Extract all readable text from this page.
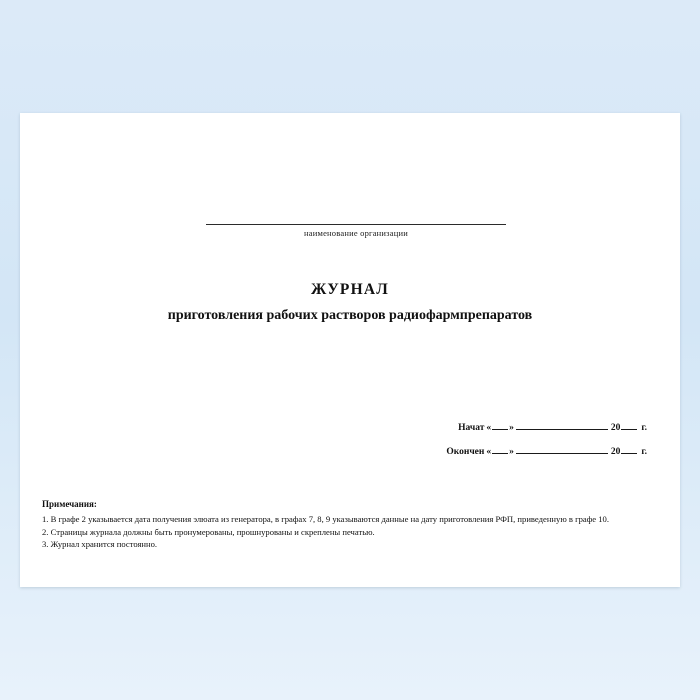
наименование организации
ЖУРНАЛ
приготовления рабочих растворов радиофармпрепаратов
Начат « »	20 г.
Окончен « »	20 г.
Примечания:
1. В графе 2 указывается дата получения элюата из генератора, в графах 7, 8, 9 указываются данные на дату приготовления РФП, приведенную в графе 10.
2. Страницы журнала должны быть пронумерованы, прошнурованы и скреплены печатью.
3. Журнал хранится постоянно.
